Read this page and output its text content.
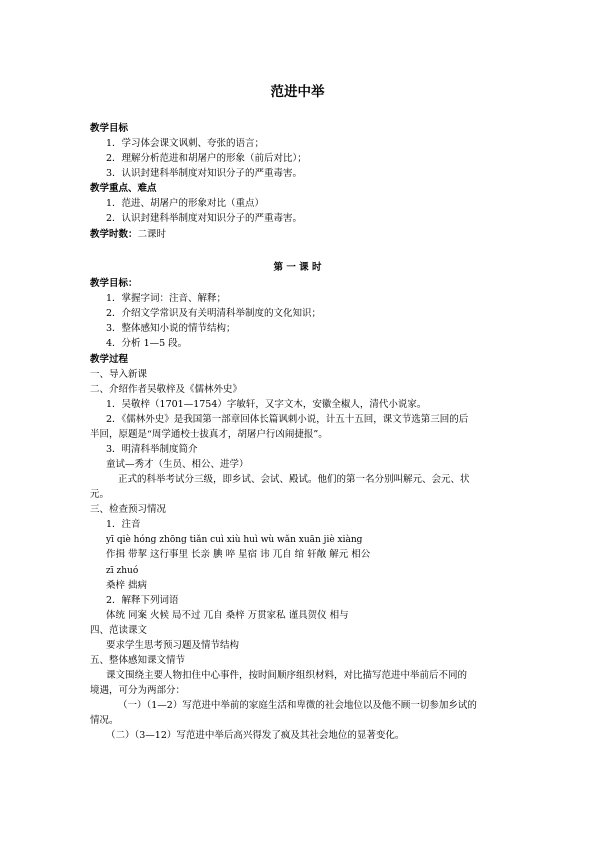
范进中举
教学目标
1．学习体会课文讽刺、夸张的语言；
2．理解分析范进和胡屠户的形象（前后对比）；
3．认识封建科举制度对知识分子的严重毒害。
教学重点、难点
1．范进、胡屠户的形象对比（重点）
2．认识封建科举制度对知识分子的严重毒害。
教学时数：二课时
第 一 课 时
教学目标：
1．掌握字词：注音、解释；
2．介绍文学常识及有关明清科举制度的文化知识；
3．整体感知小说的情节结构；
4．分析 1—5 段。
教学过程
一、导入新课
二、介绍作者吴敬梓及《儒林外史》
1．吴敬梓（1701—1754）字敏轩，又字文木，安徽全椒人，清代小说家。
2．《儒林外史》是我国第一部章回体长篇讽刺小说，计五十五回，课文节选第三回的后
半回，原题是“周学通校士拔真才，胡屠户行凶闹捷报”。
3．明清科举制度简介
童试—秀才（生员、相公、进学）
正式的科举考试分三级，即乡试、会试、殿试。他们的第一名分别叫解元、会元、状
元。
三、检查预习情况
1．注音
yī qiè hóng zhōng tiǎn cuì xiù huì wù wǎn xuān jiè xiàng
作揖 带挈 这行事里 长亲 腆 啐 星宿 讳 兀自 绾 轩敞 解元 相公
zī zhuó
桑梓 拙病
2．解释下列词语
体统 同案 火候 局不过 兀自 桑梓 万贯家私 谨具贺仪 相与
四、范读课文
要求学生思考预习题及情节结构
五、整体感知课文情节
课文围绕主要人物扣住中心事件，按时间顺序组织材料，对比描写范进中举前后不同的
境遇，可分为两部分：
（一）（1—2）写范进中举前的家庭生活和卑微的社会地位以及他不顾一切参加乡试的
情况。
（二）（3—12）写范进中举后高兴得发了疯及其社会地位的显著变化。
